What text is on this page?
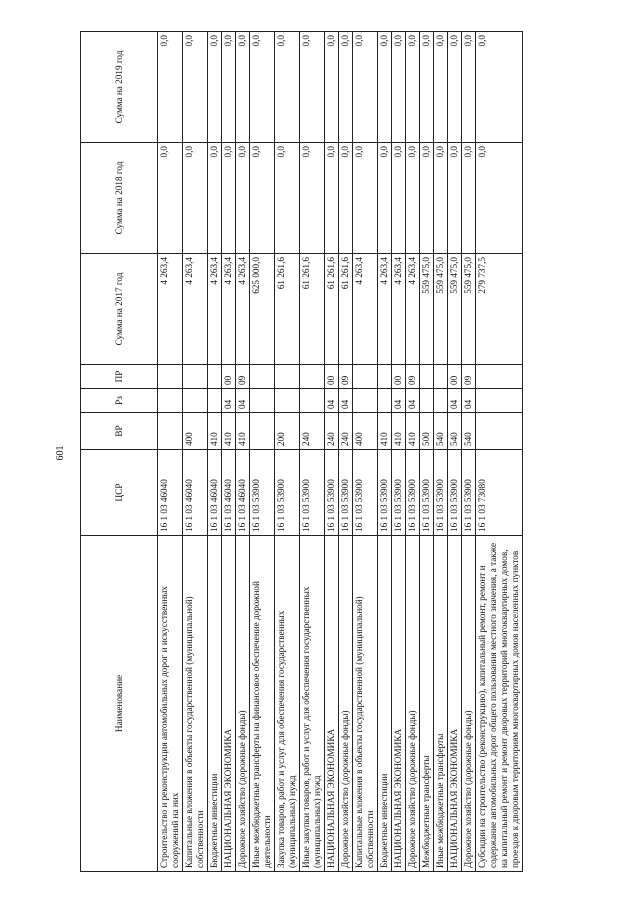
601
Наименование	ЦСР	ВР	Рз	ПР	Сумма на 2017 год	Сумма на 2018 год	Сумма на 2019 год
Строительство и реконструкция автомобильных дорог и искусственных сооружений на них	16 1 03 46040				4 263,4	0,0	0,0
Капитальные вложения в объекты государственной (муниципальной) собственности	16 1 03 46040	400			4 263,4	0,0	0,0
Бюджетные инвестиции	16 1 03 46040	410			4 263,4	0,0	0,0
НАЦИОНАЛЬНАЯ ЭКОНОМИКА	16 1 03 46040	410	04	00	4 263,4	0,0	0,0
Дорожное хозяйство (дорожные фонды)	16 1 03 46040	410	04	09	4 263,4	0,0	0,0
Иные межбюджетные трансферты на финансовое обеспечение дорожной деятельности	16 1 03 53900				625 000,0	0,0	0,0
Закупка товаров, работ и услуг для обеспечения государственных (муниципальных) нужд	16 1 03 53900	200			61 261,6	0,0	0,0
Иные закупки товаров, работ и услуг для обеспечения государственных (муниципальных) нужд	16 1 03 53900	240			61 261,6	0,0	0,0
НАЦИОНАЛЬНАЯ ЭКОНОМИКА	16 1 03 53900	240	04	00	61 261,6	0,0	0,0
Дорожное хозяйство (дорожные фонды)	16 1 03 53900	240	04	09	61 261,6	0,0	0,0
Капитальные вложения в объекты государственной (муниципальной) собственности	16 1 03 53900	400			4 263,4	0,0	0,0
Бюджетные инвестиции	16 1 03 53900	410			4 263,4	0,0	0,0
НАЦИОНАЛЬНАЯ ЭКОНОМИКА	16 1 03 53900	410	04	00	4 263,4	0,0	0,0
Дорожное хозяйство (дорожные фонды)	16 1 03 53900	410	04	09	4 263,4	0,0	0,0
Межбюджетные трансферты	16 1 03 53900	500			559 475,0	0,0	0,0
Иные межбюджетные трансферты	16 1 03 53900	540			559 475,0	0,0	0,0
НАЦИОНАЛЬНАЯ ЭКОНОМИКА	16 1 03 53900	540	04	00	559 475,0	0,0	0,0
Дорожное хозяйство (дорожные фонды)	16 1 03 53900	540	04	09	559 475,0	0,0	0,0
Субсидии на строительство (реконструкцию), капитальный ремонт, ремонт и содержание автомобильных дорог общего пользования местного значения, а также на капитальный ремонт и ремонт дворовых территорий многоквартирных домов, проездов к дворовым территориям многоквартирных домов населенных пунктов	16 1 03 73080				279 737,5	0,0	0,0
